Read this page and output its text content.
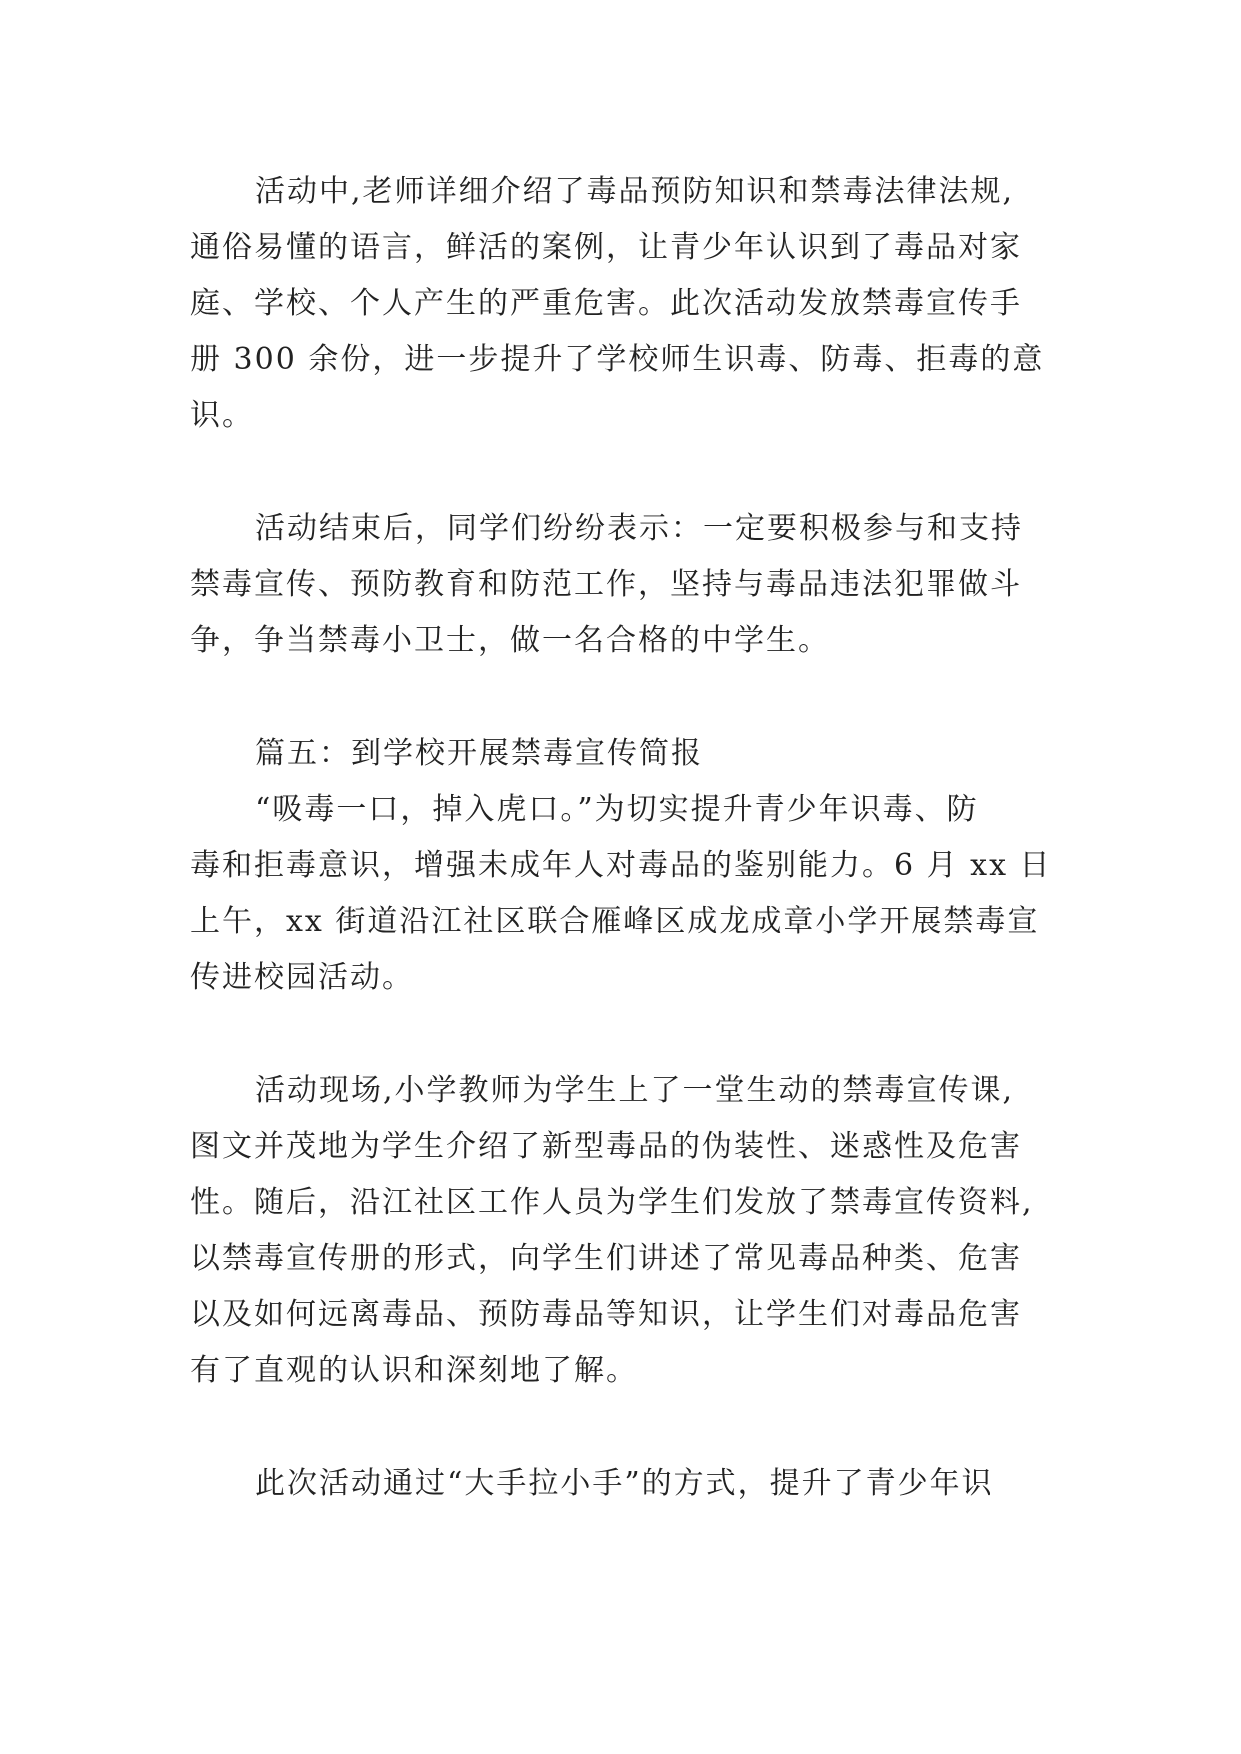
活动中,老师详细介绍了毒品预防知识和禁毒法律法规,
通俗易懂的语言，鲜活的案例，让青少年认识到了毒品对家
庭、学校、个人产生的严重危害。此次活动发放禁毒宣传手
册 300 余份，进一步提升了学校师生识毒、防毒、拒毒的意
识。
活动结束后，同学们纷纷表示：一定要积极参与和支持
禁毒宣传、预防教育和防范工作，坚持与毒品违法犯罪做斗
争，争当禁毒小卫士，做一名合格的中学生。
篇五：到学校开展禁毒宣传简报
“吸毒一口，掉入虎口。”为切实提升青少年识毒、防
毒和拒毒意识，增强未成年人对毒品的鉴别能力。6 月 xx 日
上午，xx 街道沿江社区联合雁峰区成龙成章小学开展禁毒宣
传进校园活动。
活动现场,小学教师为学生上了一堂生动的禁毒宣传课,
图文并茂地为学生介绍了新型毒品的伪装性、迷惑性及危害
性。随后，沿江社区工作人员为学生们发放了禁毒宣传资料,
以禁毒宣传册的形式，向学生们讲述了常见毒品种类、危害
以及如何远离毒品、预防毒品等知识，让学生们对毒品危害
有了直观的认识和深刻地了解。
此次活动通过“大手拉小手”的方式，提升了青少年识
